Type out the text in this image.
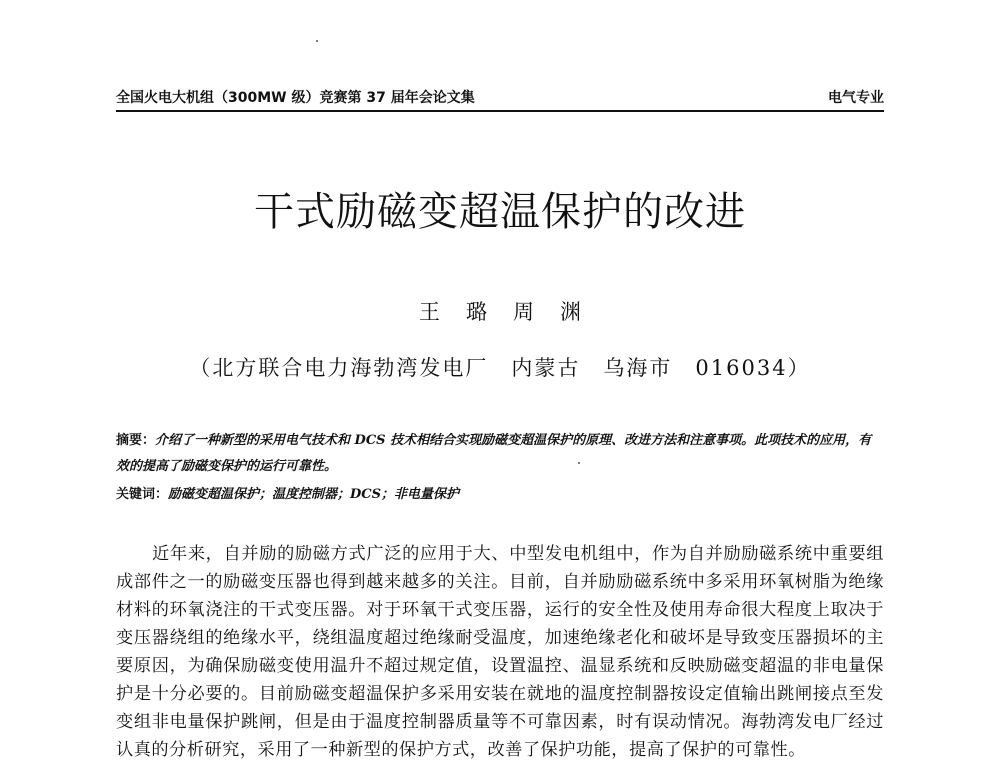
全国火电大机组（300MW 级）竞赛第 37 届年会论文集	电气专业
干式励磁变超温保护的改进
王璐周渊
（北方联合电力海勃湾发电厂　内蒙古　乌海市　016034）
摘要：介绍了一种新型的采用电气技术和 DCS 技术相结合实现励磁变超温保护的原理、改进方法和注意事项。此项技术的应用，有效的提高了励磁变保护的运行可靠性。
关键词：励磁变超温保护；温度控制器；DCS；非电量保护
近年来，自并励的励磁方式广泛的应用于大、中型发电机组中，作为自并励励磁系统中重要组成部件之一的励磁变压器也得到越来越多的关注。目前，自并励励磁系统中多采用环氧树脂为绝缘材料的环氧浇注的干式变压器。对于环氧干式变压器，运行的安全性及使用寿命很大程度上取决于变压器绕组的绝缘水平，绕组温度超过绝缘耐受温度，加速绝缘老化和破坏是导致变压器损坏的主要原因，为确保励磁变使用温升不超过规定值，设置温控、温显系统和反映励磁变超温的非电量保护是十分必要的。目前励磁变超温保护多采用安装在就地的温度控制器按设定值输出跳闸接点至发变组非电量保护跳闸，但是由于温度控制器质量等不可靠因素，时有误动情况。海勃湾发电厂经过认真的分析研究，采用了一种新型的保护方式，改善了保护功能，提高了保护的可靠性。
